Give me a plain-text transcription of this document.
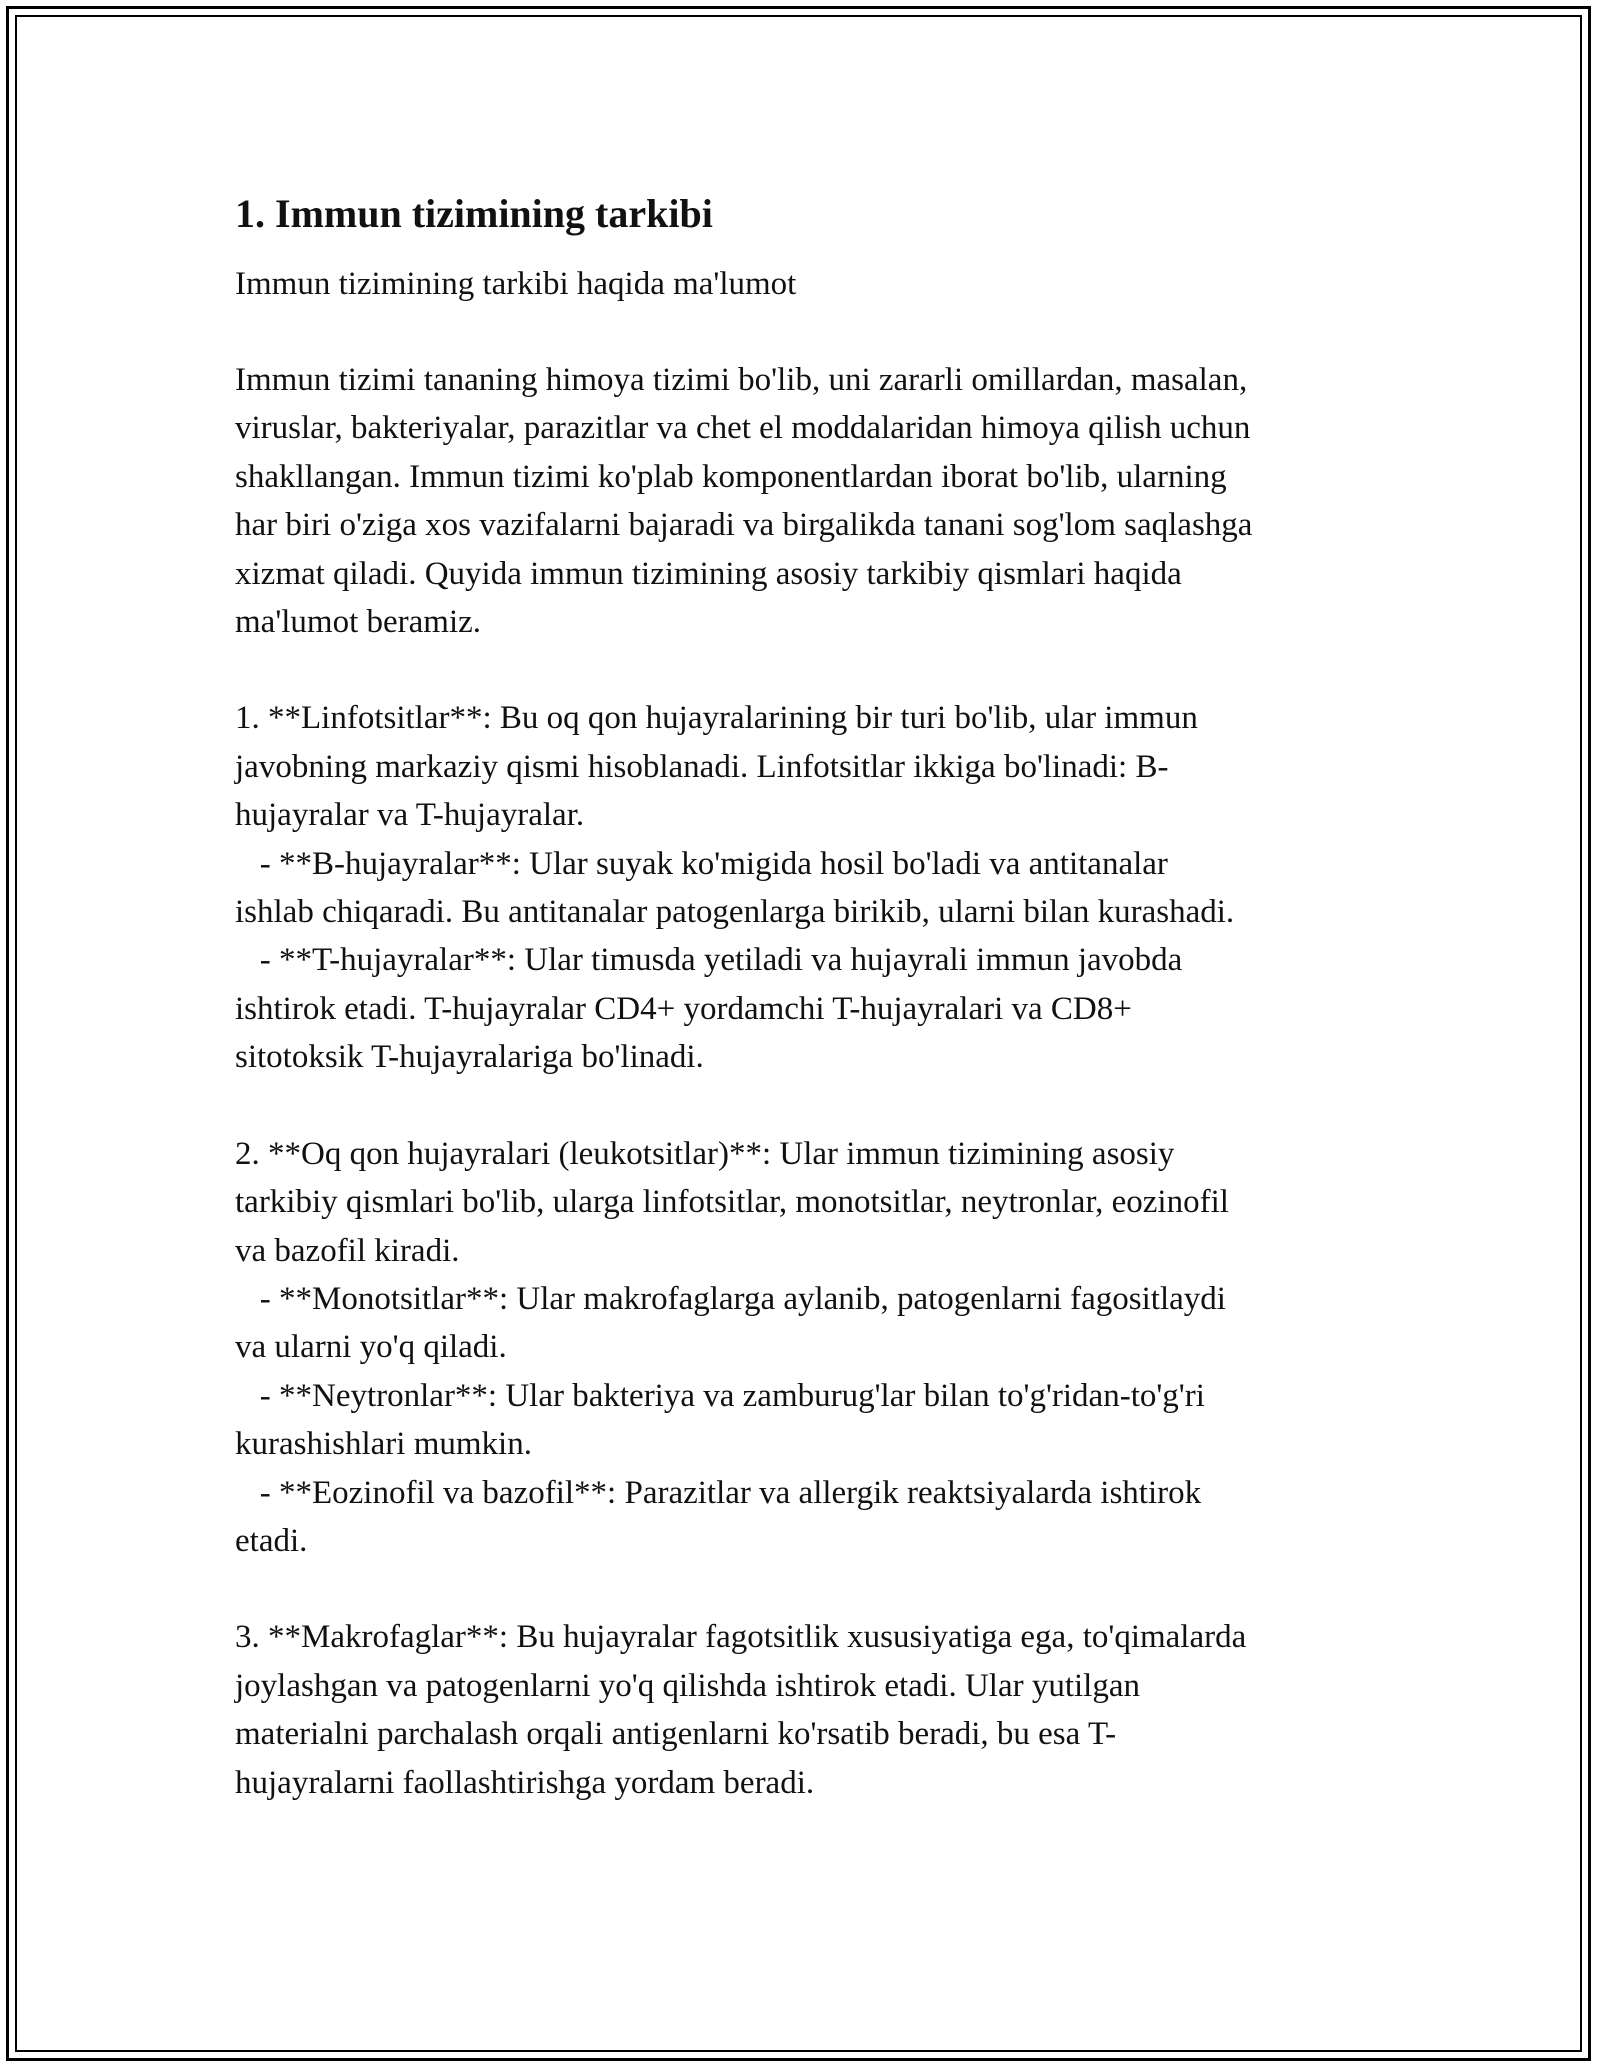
1. Immun tizimining tarkibi

Immun tizimining tarkibi haqida ma'lumot

Immun tizimi tananing himoya tizimi bo'lib, uni zararli omillardan, masalan,
viruslar, bakteriyalar, parazitlar va chet el moddalaridan himoya qilish uchun
shakllangan. Immun tizimi ko'plab komponentlardan iborat bo'lib, ularning
har biri o'ziga xos vazifalarni bajaradi va birgalikda tanani sog'lom saqlashga
xizmat qiladi. Quyida immun tizimining asosiy tarkibiy qismlari haqida
ma'lumot beramiz.

1. **Linfotsitlar**: Bu oq qon hujayralarining bir turi bo'lib, ular immun
javobning markaziy qismi hisoblanadi. Linfotsitlar ikkiga bo'linadi: B-
hujayralar va T-hujayralar.
- **B-hujayralar**: Ular suyak ko'migida hosil bo'ladi va antitanalar
ishlab chiqaradi. Bu antitanalar patogenlarga birikib, ularni bilan kurashadi.
- **T-hujayralar**: Ular timusda yetiladi va hujayrali immun javobda
ishtirok etadi. T-hujayralar CD4+ yordamchi T-hujayralari va CD8+
sitotoksik T-hujayralariga bo'linadi.

2. **Oq qon hujayralari (leukotsitlar)**: Ular immun tizimining asosiy
tarkibiy qismlari bo'lib, ularga linfotsitlar, monotsitlar, neytronlar, eozinofil
va bazofil kiradi.
- **Monotsitlar**: Ular makrofaglarga aylanib, patogenlarni fagositlaydi
va ularni yo'q qiladi.
- **Neytronlar**: Ular bakteriya va zamburug'lar bilan to'g'ridan-to'g'ri
kurashishlari mumkin.
- **Eozinofil va bazofil**: Parazitlar va allergik reaktsiyalarda ishtirok
etadi.

3. **Makrofaglar**: Bu hujayralar fagotsitlik xususiyatiga ega, to'qimalarda
joylashgan va patogenlarni yo'q qilishda ishtirok etadi. Ular yutilgan
materialni parchalash orqali antigenlarni ko'rsatib beradi, bu esa T-
hujayralarni faollashtirishga yordam beradi.
